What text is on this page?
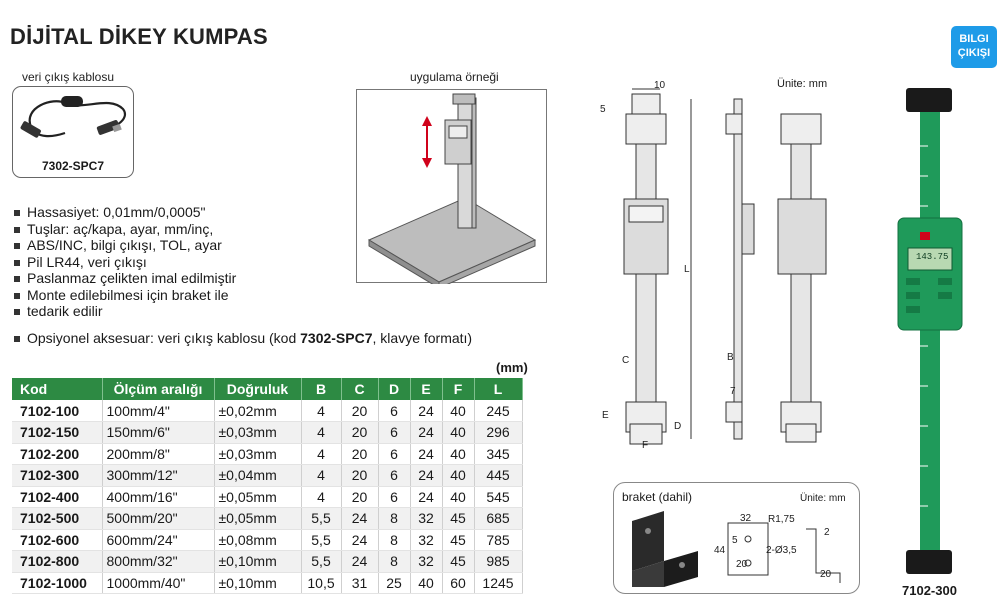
DİJİTAL DİKEY KUMPAS	BILGI
ÇIKIŞI
veri çıkış kablosu
7302-SPC7
uygulama örneği
Hassasiyet: 0,01mm/0,0005"
Tuşlar: aç/kapa, ayar, mm/inç,
ABS/INC, bilgi çıkışı, TOL, ayar
Pil LR44, veri çıkışı
Paslanmaz çelikten imal edilmiştir
Monte edilebilmesi için braket ile
tedarik edilir
Opsiyonel aksesuar: veri çıkış kablosu (kod 7302-SPC7, klavye formatı)
(mm)
Kod	Ölçüm aralığı	Doğruluk	B	C	D	E	F	L
7102-100	100mm/4"	±0,02mm	4	20	6	24	40	245
7102-150	150mm/6"	±0,03mm	4	20	6	24	40	296
7102-200	200mm/8"	±0,03mm	4	20	6	24	40	345
7102-300	300mm/12"	±0,04mm	4	20	6	24	40	445
7102-400	400mm/16"	±0,05mm	4	20	6	24	40	545
7102-500	500mm/20"	±0,05mm	5,5	24	8	32	45	685
7102-600	600mm/24"	±0,08mm	5,5	24	8	32	45	785
7102-800	800mm/32"	±0,10mm	5,5	24	8	32	45	985
7102-1000	1000mm/40"	±0,10mm	10,5	31	25	40	60	1245
Ünite: mm
10
5
L
C	B
7
E
D
F
braket (dahil)	Ünite: mm
32 R1,75
5
44
20
2-Ø3,5
2
20
143.75
7102-300
